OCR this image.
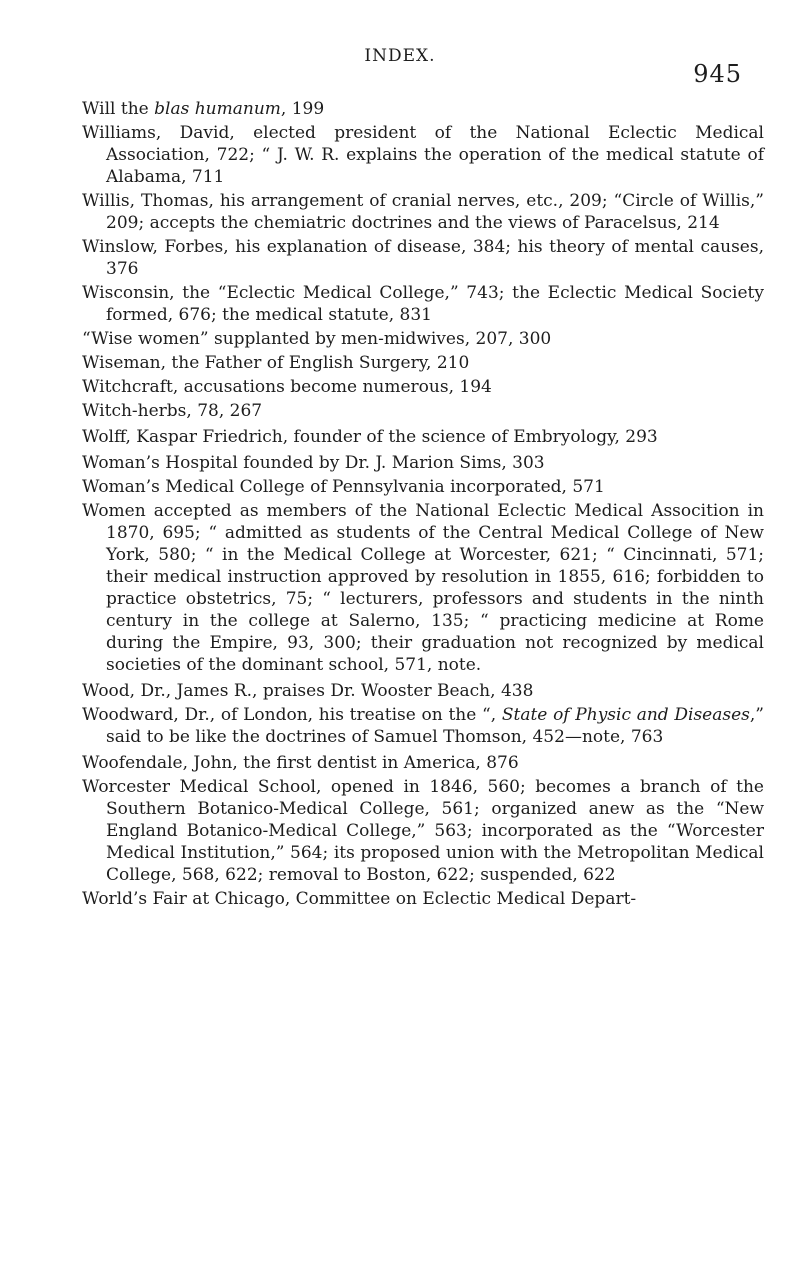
INDEX.
945

Will the blas humanum, 199

Williams, David, elected president of the National Eclectic Medical Association, 722; “ J. W. R. explains the operation of the medical statute of Alabama, 711

Willis, Thomas, his arrangement of cranial nerves, etc., 209; “Circle of Willis,” 209; accepts the chemiatric doctrines and the views of Paracelsus, 214

Winslow, Forbes, his explanation of disease, 384; his theory of mental causes, 376

Wisconsin, the “Eclectic Medical College,” 743; the Eclectic Medical Society formed, 676; the medical statute, 831

“Wise women” supplanted by men-midwives, 207, 300

Wiseman, the Father of English Surgery, 210

Witchcraft, accusations become numerous, 194

Witch-herbs, 78, 267

Wolff, Kaspar Friedrich, founder of the science of Embryology, 293

Woman’s Hospital founded by Dr. J. Marion Sims, 303

Woman’s Medical College of Pennsylvania incorporated, 571

Women accepted as members of the National Eclectic Medical Assocition in 1870, 695; “ admitted as students of the Central Medical College of New York, 580; “ in the Medical College at Worcester, 621; “ Cincinnati, 571; their medical instruction approved by resolution in 1855, 616; forbidden to practice obstetrics, 75; “ lecturers, professors and students in the ninth century in the college at Salerno, 135; “ practicing medicine at Rome during the Empire, 93, 300; their graduation not recognized by medical societies of the dominant school, 571, note.

Wood, Dr., James R., praises Dr. Wooster Beach, 438

Woodward, Dr., of London, his treatise on the “, State of Physic and Diseases,” said to be like the doctrines of Samuel Thomson, 452—note, 763

Woofendale, John, the first dentist in America, 876

Worcester Medical School, opened in 1846, 560; becomes a branch of the Southern Botanico-Medical College, 561; organized anew as the “New England Botanico-Medical College,” 563; incorporated as the “Worcester Medical Institution,” 564; its proposed union with the Metropolitan Medical College, 568, 622; removal to Boston, 622; suspended, 622

World’s Fair at Chicago, Committee on Eclectic Medical Depart-
